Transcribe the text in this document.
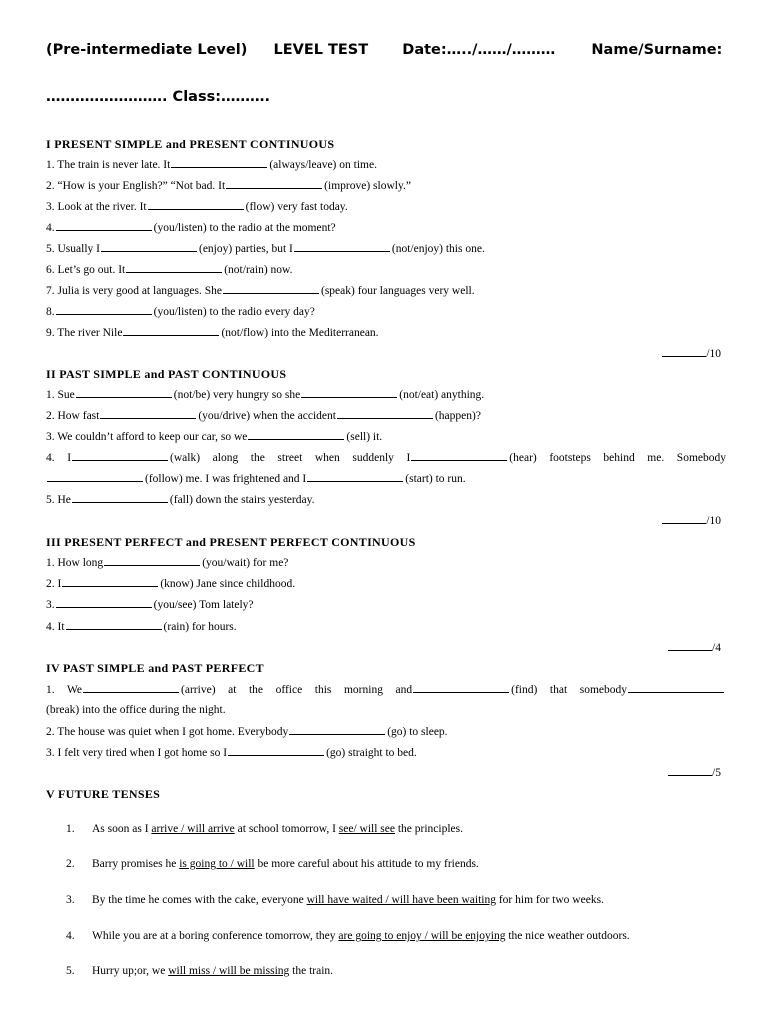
(Pre-intermediate Level) LEVEL TEST Date:…../……/……… Name/Surname:
……………………. Class:……….
I PRESENT SIMPLE and PRESENT CONTINUOUS
1. The train is never late. It	(always/leave) on time.
2. “How is your English?” “Not bad. It	(improve) slowly.”
3. Look at the river. It	(flow) very fast today.
4.	(you/listen) to the radio at the moment?
5. Usually I	(enjoy) parties, but I	(not/enjoy) this one.
6. Let’s go out. It	(not/rain) now.
7. Julia is very good at languages. She	(speak) four languages very well.
8.	(you/listen) to the radio every day?
9. The river Nile	(not/flow) into the Mediterranean.
/10
II PAST SIMPLE and PAST CONTINUOUS
1. Sue	(not/be) very hungry so she	(not/eat) anything.
2. How fast	(you/drive) when the accident	(happen)?
3. We couldn’t afford to keep our car, so we	(sell) it.
4. I	(walk) along the street when suddenly I	(hear) footsteps behind me. Somebody
(follow) me. I was frightened and I	(start) to run.
5. He	(fall) down the stairs yesterday.
/10
III PRESENT PERFECT and PRESENT PERFECT CONTINUOUS
1. How long	(you/wait) for me?
2. I	(know) Jane since childhood.
3.	(you/see) Tom lately?
4. It	(rain) for hours.
/4
IV PAST SIMPLE and PAST PERFECT
1. We	(arrive) at the office this morning and	(find) that somebody
(break) into the office during the night.
2. The house was quiet when I got home. Everybody	(go) to sleep.
3. I felt very tired when I got home so I	(go) straight to bed.
/5
V FUTURE TENSES
1. As soon as I arrive / will arrive at school tomorrow, I see/ will see the principles.
2. Barry promises he is going to / will be more careful about his attitude to my friends.
3. By the time he comes with the cake, everyone will have waited / will have been waiting for him for two weeks.
4. While you are at a boring conference tomorrow, they are going to enjoy / will be enjoying the nice weather outdoors.
5. Hurry up;or, we will miss / will be missing the train.
